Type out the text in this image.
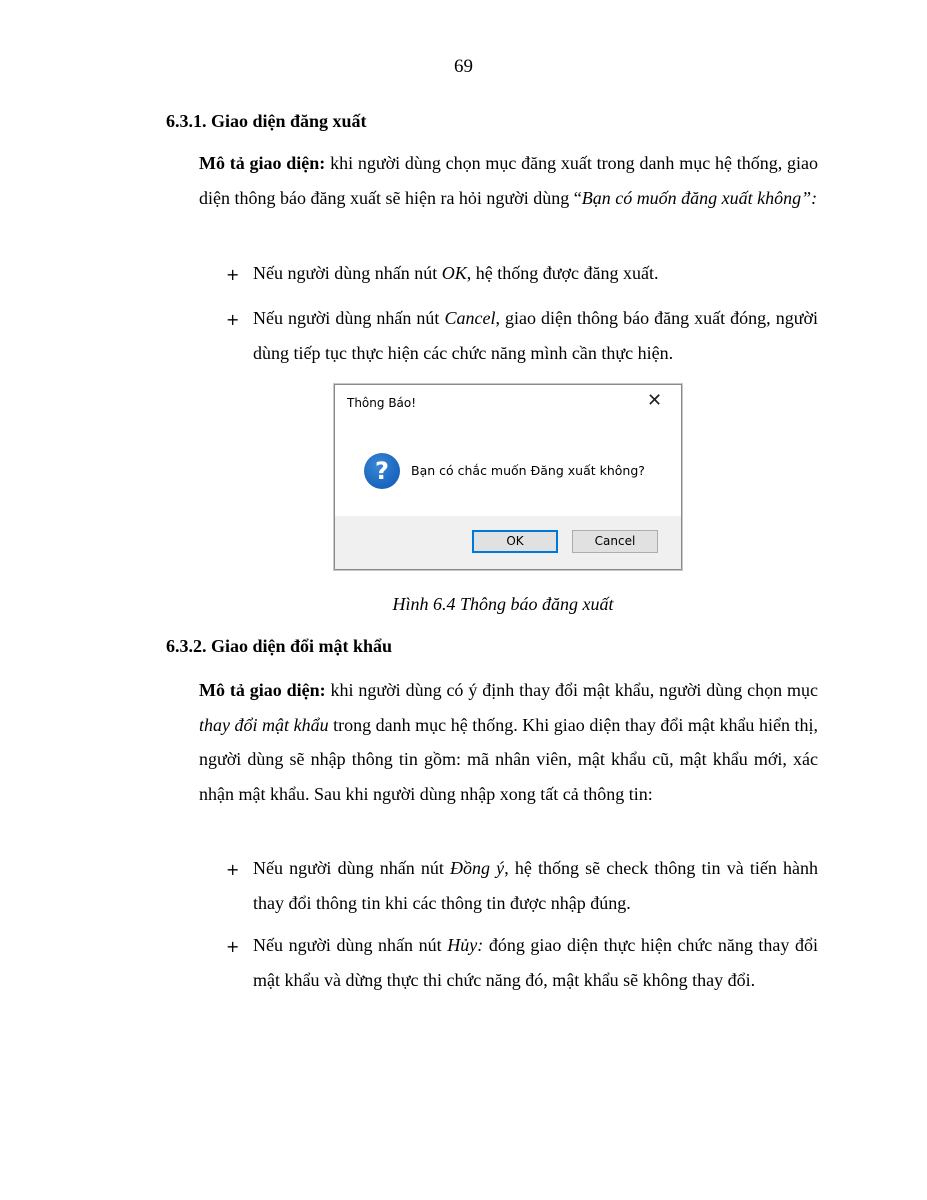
69
6.3.1. Giao diện đăng xuất

Mô tả giao diện: khi người dùng chọn mục đăng xuất trong danh mục hệ thống, giao diện thông báo đăng xuất sẽ hiện ra hỏi người dùng “Bạn có muốn đăng xuất không”:

+ Nếu người dùng nhấn nút OK, hệ thống được đăng xuất.

+ Nếu người dùng nhấn nút Cancel, giao diện thông báo đăng xuất đóng, người dùng tiếp tục thực hiện các chức năng mình cần thực hiện.

Thông Báo!	✕
?	Bạn có chắc muốn Đăng xuất không?
OK	Cancel
Hình 6.4 Thông báo đăng xuất
6.3.2. Giao diện đổi mật khẩu

Mô tả giao diện: khi người dùng có ý định thay đổi mật khẩu, người dùng chọn mục thay đổi mật khẩu trong danh mục hệ thống. Khi giao diện thay đổi mật khẩu hiển thị, người dùng sẽ nhập thông tin gồm: mã nhân viên, mật khẩu cũ, mật khẩu mới, xác nhận mật khẩu. Sau khi người dùng nhập xong tất cả thông tin:

+ Nếu người dùng nhấn nút Đồng ý, hệ thống sẽ check thông tin và tiến hành thay đổi thông tin khi các thông tin được nhập đúng.

+ Nếu người dùng nhấn nút Hủy: đóng giao diện thực hiện chức năng thay đổi mật khẩu và dừng thực thi chức năng đó, mật khẩu sẽ không thay đổi.
